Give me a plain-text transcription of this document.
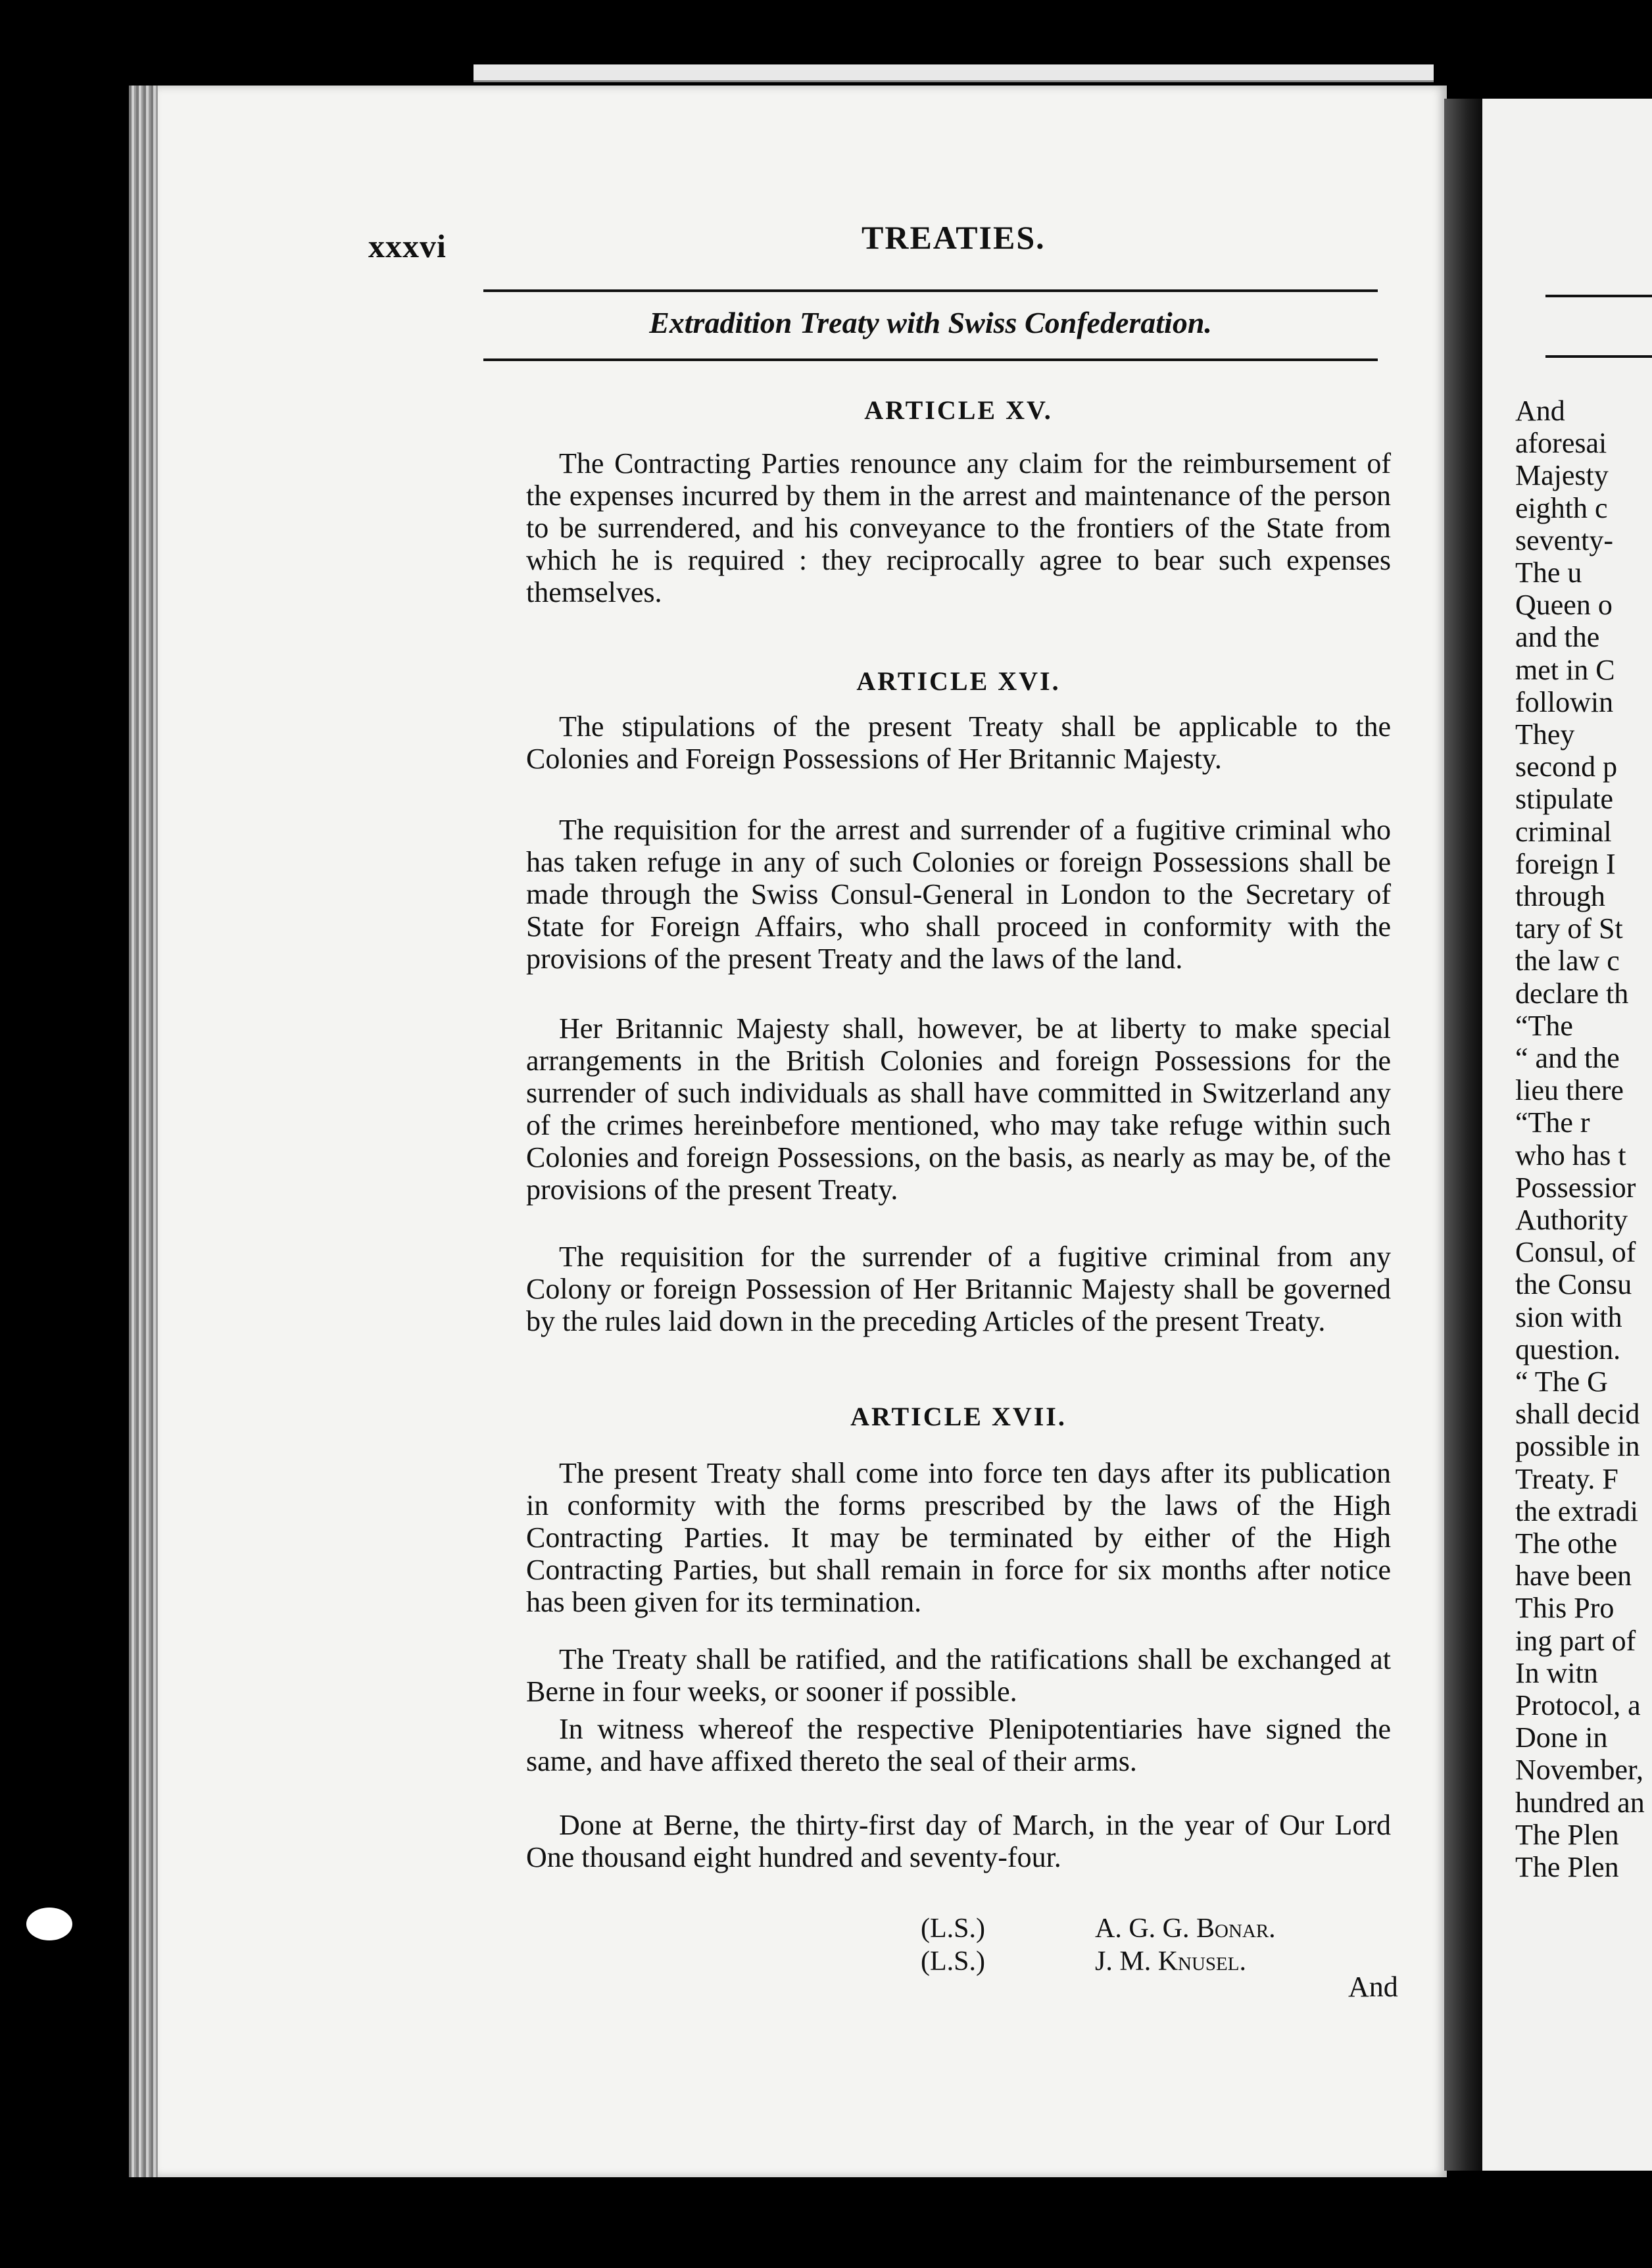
xxxvi	TREATIES.
Extradition Treaty with Swiss Confederation.
ARTICLE XV.
The Contracting Parties renounce any claim for the reimbursement of the expenses incurred by them in the arrest and maintenance of the person to be surrendered, and his conveyance to the frontiers of the State from which he is required : they reciprocally agree to bear such expenses themselves.
ARTICLE XVI.
The stipulations of the present Treaty shall be applicable to the Colonies and Foreign Possessions of Her Britannic Majesty.
The requisition for the arrest and surrender of a fugitive criminal who has taken refuge in any of such Colonies or foreign Possessions shall be made through the Swiss Consul-General in London to the Secretary of State for Foreign Affairs, who shall proceed in conformity with the provisions of the present Treaty and the laws of the land.
Her Britannic Majesty shall, however, be at liberty to make special arrangements in the British Colonies and foreign Possessions for the surrender of such individuals as shall have committed in Switzerland any of the crimes hereinbefore mentioned, who may take refuge within such Colonies and foreign Possessions, on the basis, as nearly as may be, of the provisions of the present Treaty.
The requisition for the surrender of a fugitive criminal from any Colony or foreign Possession of Her Britannic Majesty shall be governed by the rules laid down in the preceding Articles of the present Treaty.
ARTICLE XVII.
The present Treaty shall come into force ten days after its publication in conformity with the forms prescribed by the laws of the High Contracting Parties. It may be terminated by either of the High Contracting Parties, but shall remain in force for six months after notice has been given for its termination.
The Treaty shall be ratified, and the ratifications shall be exchanged at Berne in four weeks, or sooner if possible.
In witness whereof the respective Plenipotentiaries have signed the same, and have affixed thereto the seal of their arms.
Done at Berne, the thirty-first day of March, in the year of Our Lord One thousand eight hundred and seventy-four.
(L.S.)	A. G. G. Bonar.
(L.S.)	J. M. Knusel.
And
And
aforesai
Majesty
eighth c
seventy-
The u
Queen o
and the
met in C
followin
They
second p
stipulate
criminal
foreign I
through
tary of St
the law c
declare th
“The
“ and the
lieu there
“The r
who has t
Possessior
Authority
Consul, of
the Consu
sion with
question.
“ The G
shall decid
possible in
Treaty. F
the extradi
The othe
have been
This Pro
ing part of
In witn
Protocol, a
Done in
November,
hundred an
The Plen
The Plen
